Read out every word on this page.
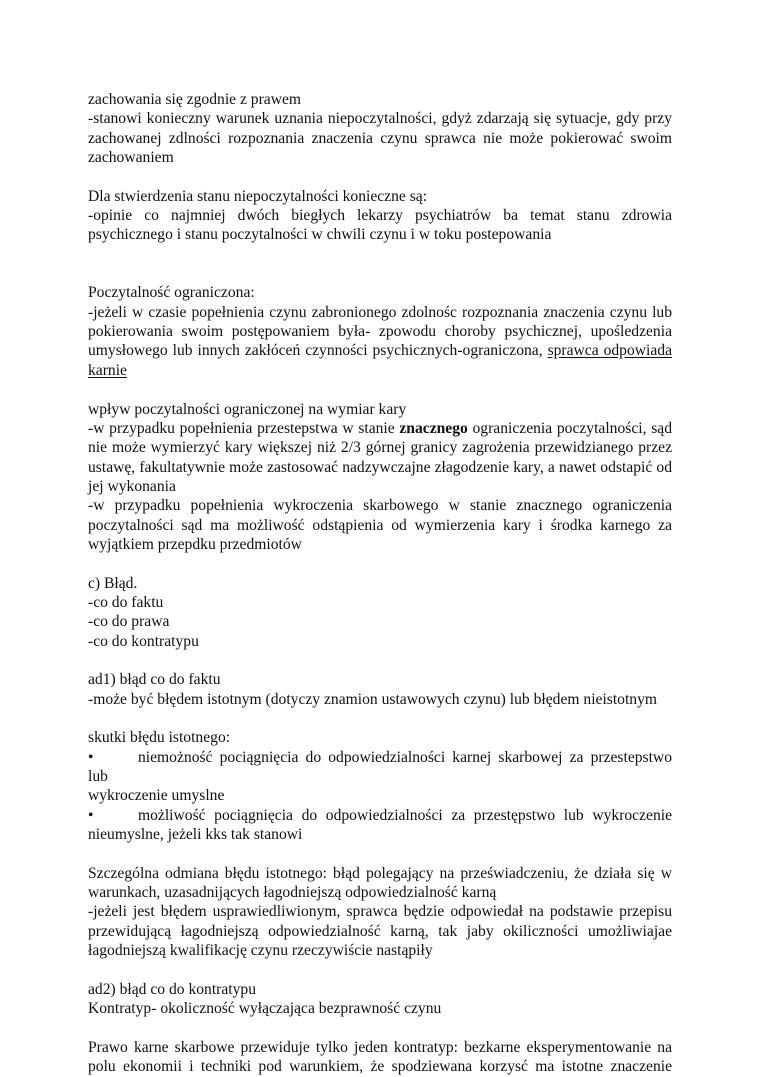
zachowania się zgodnie z prawem
-stanowi konieczny warunek uznania niepoczytalności, gdyż zdarzają się sytuacje, gdy przy
zachowanej zdlności rozpoznania znaczenia czynu sprawca nie może pokierować swoim
zachowaniem
Dla stwierdzenia stanu niepoczytalności konieczne są:
-opinie co najmniej dwóch biegłych lekarzy psychiatrów ba temat stanu zdrowia
psychicznego i stanu poczytalności w chwili czynu i w toku postepowania
Poczytalność ograniczona:
-jeżeli w czasie popełnienia czynu zabronionego zdolnośc rozpoznania znaczenia czynu lub
pokierowania swoim postępowaniem była- zpowodu choroby psychicznej, upośledzenia
umysłowego lub innych zakłóceń czynności psychicznych-ograniczona, sprawca odpowiada
karnie
wpływ poczytalności ograniczonej na wymiar kary
-w przypadku popełnienia przestepstwa w stanie znacznego ograniczenia poczytalności, sąd
nie może wymierzyć kary większej niż 2/3 górnej granicy zagrożenia przewidzianego przez
ustawę, fakultatywnie może zastosować nadzywczajne złagodzenie kary, a nawet odstapić od
jej wykonania
-w przypadku popełnienia wykroczenia skarbowego w stanie znacznego ograniczenia
poczytalności sąd ma możliwość odstąpienia od wymierzenia kary i środka karnego za
wyjątkiem przepdku przedmiotów
c) Błąd.
-co do faktu
-co do prawa
-co do kontratypu
ad1) błąd co do faktu
-może być błędem istotnym (dotyczy znamion ustawowych czynu) lub błędem nieistotnym
skutki błędu istotnego:
•	niemożność pociągnięcia do odpowiedzialności karnej skarbowej za przestepstwo lub
wykroczenie umyslne
•	możliwość pociągnięcia do odpowiedzialności za przestępstwo lub wykroczenie
nieumyslne, jeżeli kks tak stanowi
Szczególna odmiana błędu istotnego: błąd polegający na przeświadczeniu, że działa się w
warunkach, uzasadnijących łagodniejszą odpowiedzialność karną
-jeżeli jest błędem usprawiedliwionym, sprawca będzie odpowiedał na podstawie przepisu
przewidującą łagodniejszą odpowiedzialność karną, tak jaby okiliczności umożliwiajae
łagodniejszą kwalifikację czynu rzeczywiście nastąpiły
ad2) błąd co do kontratypu
Kontratyp- okoliczność wyłączająca bezprawność czynu
Prawo karne skarbowe przewiduje tylko jeden kontratyp: bezkarne eksperymentowanie na
polu ekonomii i techniki pod warunkiem, że spodziewana korzysć ma istotne znaczenie
